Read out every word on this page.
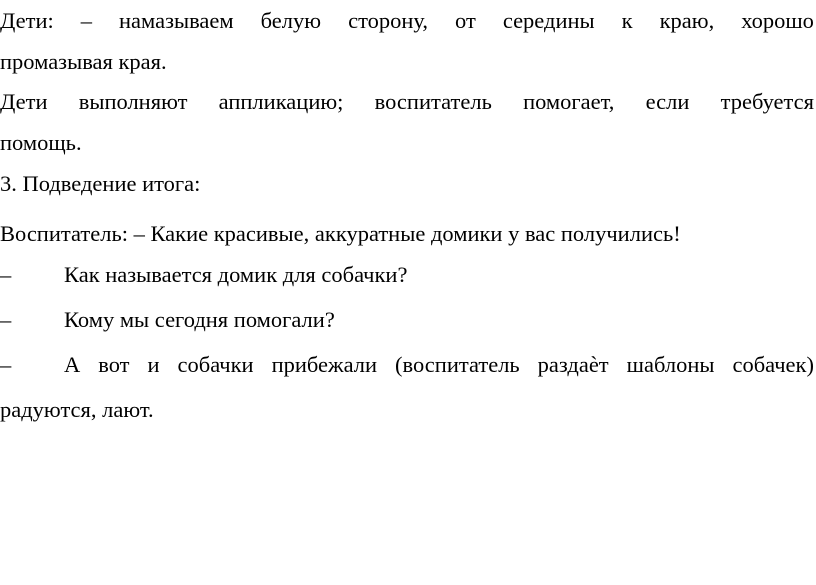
Дети: – намазываем белую сторону, от середины к краю, хорошо
промазывая края.
Дети выполняют аппликацию; воспитатель помогает, если требуется
помощь.
3. Подведение итога:
Воспитатель: – Какие красивые, аккуратные домики у вас получились!
– Как называется домик для собачки?
– Кому мы сегодня помогали?
– А вот и собачки прибежали (воспитатель раздаѐт шаблоны собачек)
радуются, лают.
